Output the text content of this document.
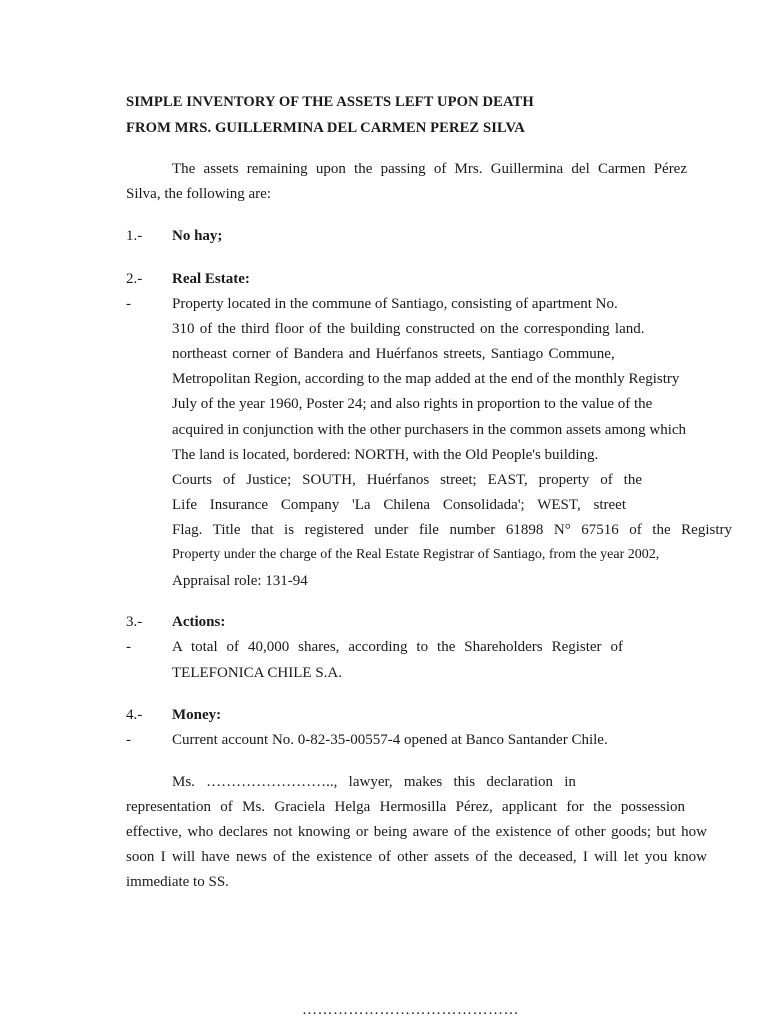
SIMPLE INVENTORY OF THE ASSETS LEFT UPON DEATH
FROM MRS. GUILLERMINA DEL CARMEN PEREZ SILVA
The assets remaining upon the passing of Mrs. Guillermina del Carmen Pérez
Silva, the following are:
1.- No hay;
2.- Real Estate:
-	Property located in the commune of Santiago, consisting of apartment No.
310 of the third floor of the building constructed on the corresponding land.
northeast corner of Bandera and Huérfanos streets, Santiago Commune,
Metropolitan Region, according to the map added at the end of the monthly Registry
July of the year 1960, Poster 24; and also rights in proportion to the value of the
acquired in conjunction with the other purchasers in the common assets among which
The land is located, bordered: NORTH, with the Old People's building.
Courts of Justice; SOUTH, Huérfanos street; EAST, property of the
Life Insurance Company 'La Chilena Consolidada'; WEST, street
Flag. Title that is registered under file number 61898 N° 67516 of the Registry
Property under the charge of the Real Estate Registrar of Santiago, from the year 2002,
Appraisal role: 131-94
3.- Actions:
-	A total of 40,000 shares, according to the Shareholders Register of
TELEFONICA CHILE S.A.
4.- Money:
-	Current account No. 0-82-35-00557-4 opened at Banco Santander Chile.
Ms.   ……………………..,   lawyer,   makes   this   declaration   in
representation of Ms. Graciela Helga Hermosilla Pérez, applicant for the possession
effective, who declares not knowing or being aware of the existence of other goods; but how
soon I will have news of the existence of other assets of the deceased, I will let you know
immediate to SS.
……………………………………
